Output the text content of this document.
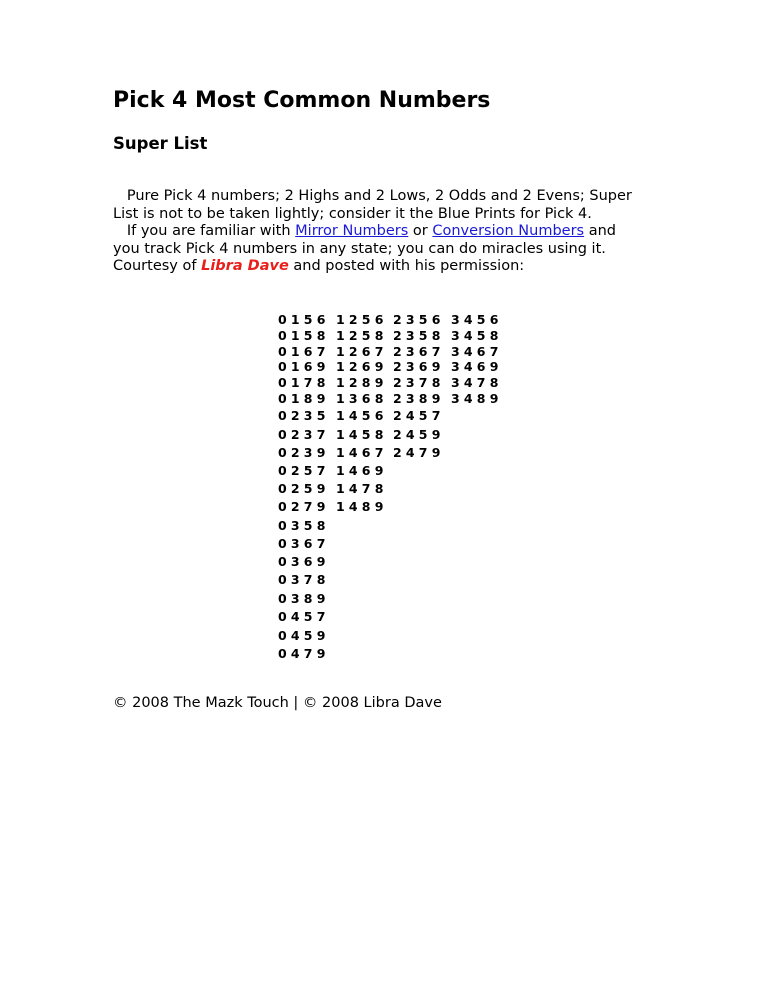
Pick 4 Most Common Numbers
Super List
Pure Pick 4 numbers; 2 Highs and 2 Lows, 2 Odds and 2 Evens; Super
List is not to be taken lightly; consider it the Blue Prints for Pick 4.
If you are familiar with Mirror Numbers or Conversion Numbers and
you track Pick 4 numbers in any state; you can do miracles using it.
Courtesy of Libra Dave and posted with his permission:
0156
0158
0167
0169
0178
0189
0235
0237
0239
0257
0259
0279
0358
0367
0369
0378
0389
0457
0459
0479
1256
1258
1267
1269
1289
1368
1456
1458
1467
1469
1478
1489
2356
2358
2367
2369
2378
2389
2457
2459
2479
3456
3458
3467
3469
3478
3489
© 2008 The Mazk Touch | © 2008 Libra Dave
